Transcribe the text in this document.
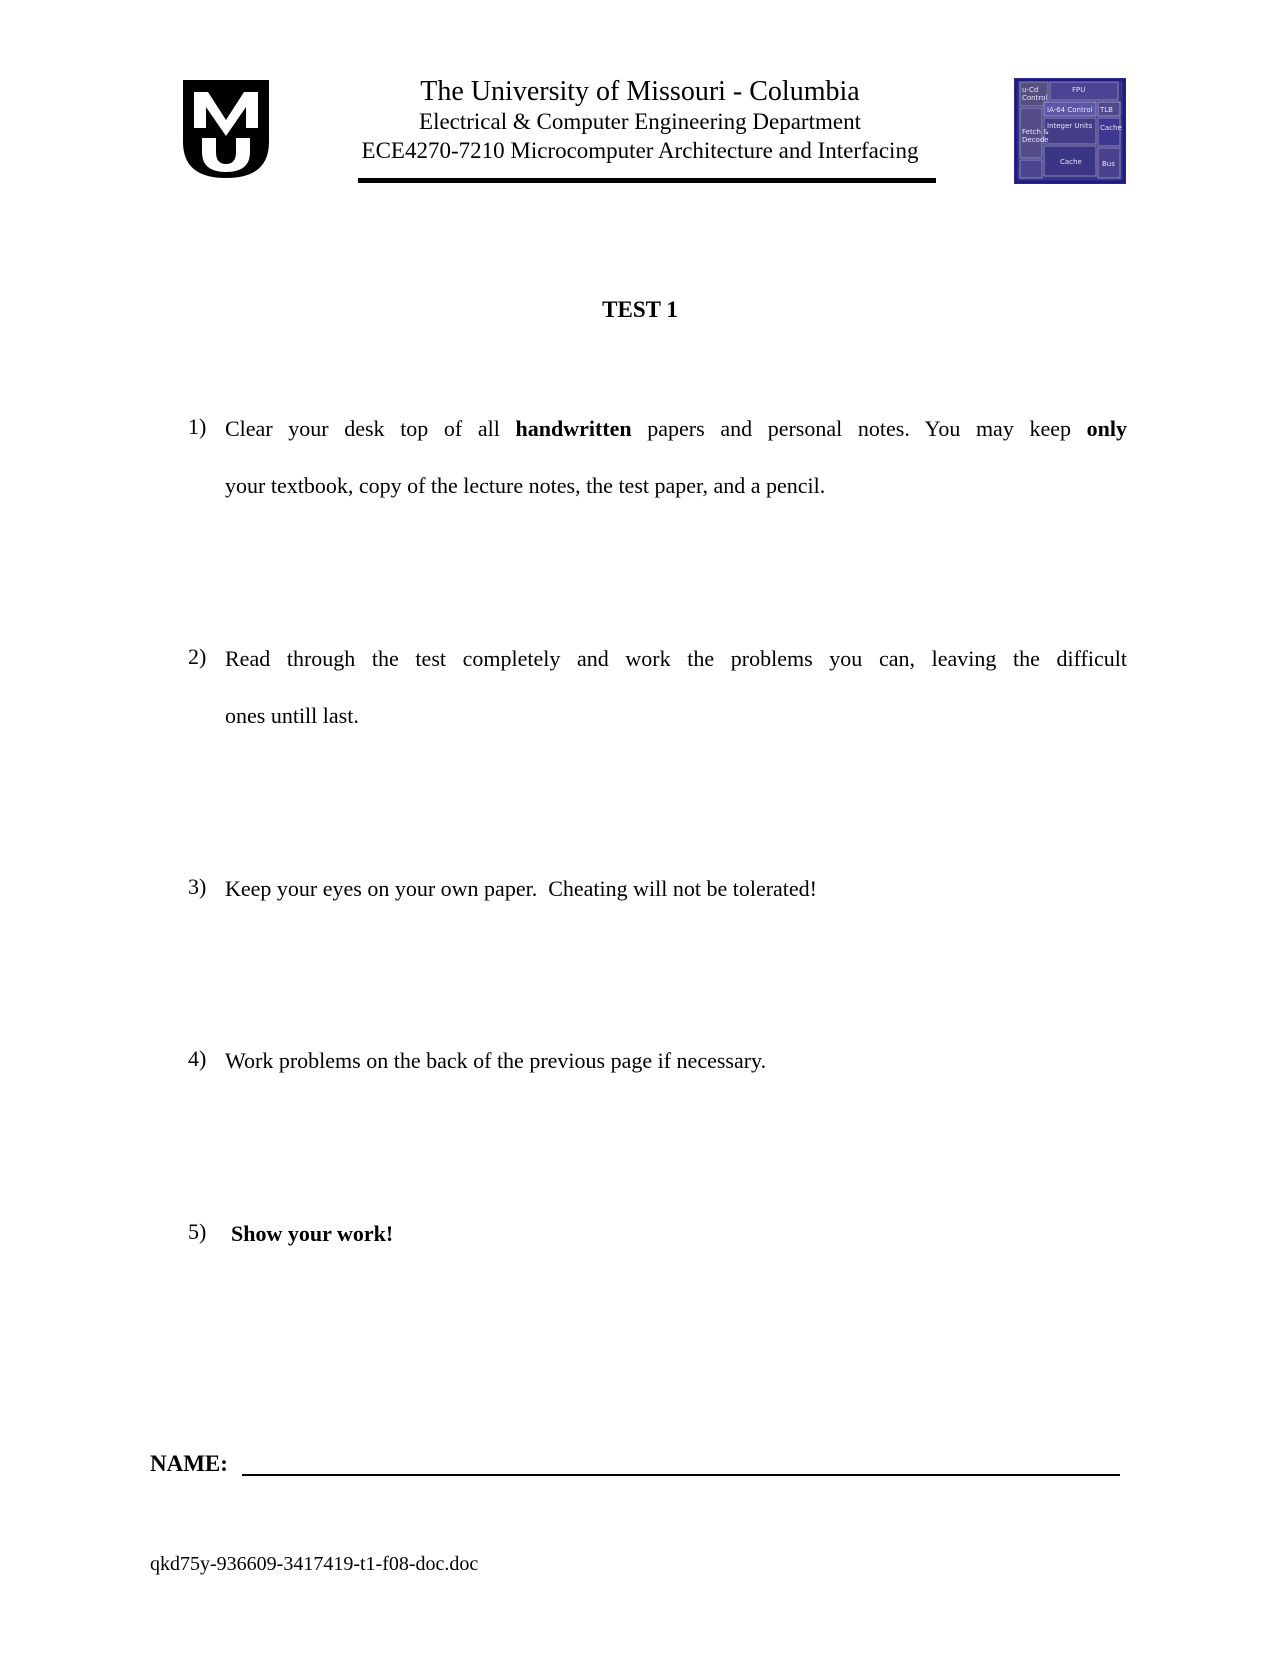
The University of Missouri - Columbia
Electrical & Computer Engineering Department
ECE4270-7210 Microcomputer Architecture and Interfacing
FPU
TLB
IA-64 Control
u-Cd
Control
Integer Units Cache
Fetch &
Decode
Cache	Bus
TEST 1
1) Clear your desk top of all handwritten papers and personal notes. You may keep only
your textbook, copy of the lecture notes, the test paper, and a pencil.
2) Read through the test completely and work the problems you can, leaving the difficult
ones untill last.
3) Keep your eyes on your own paper.  Cheating will not be tolerated!
4) Work problems on the back of the previous page if necessary.
5) Show your work!
NAME:
qkd75y-936609-3417419-t1-f08-doc.doc
